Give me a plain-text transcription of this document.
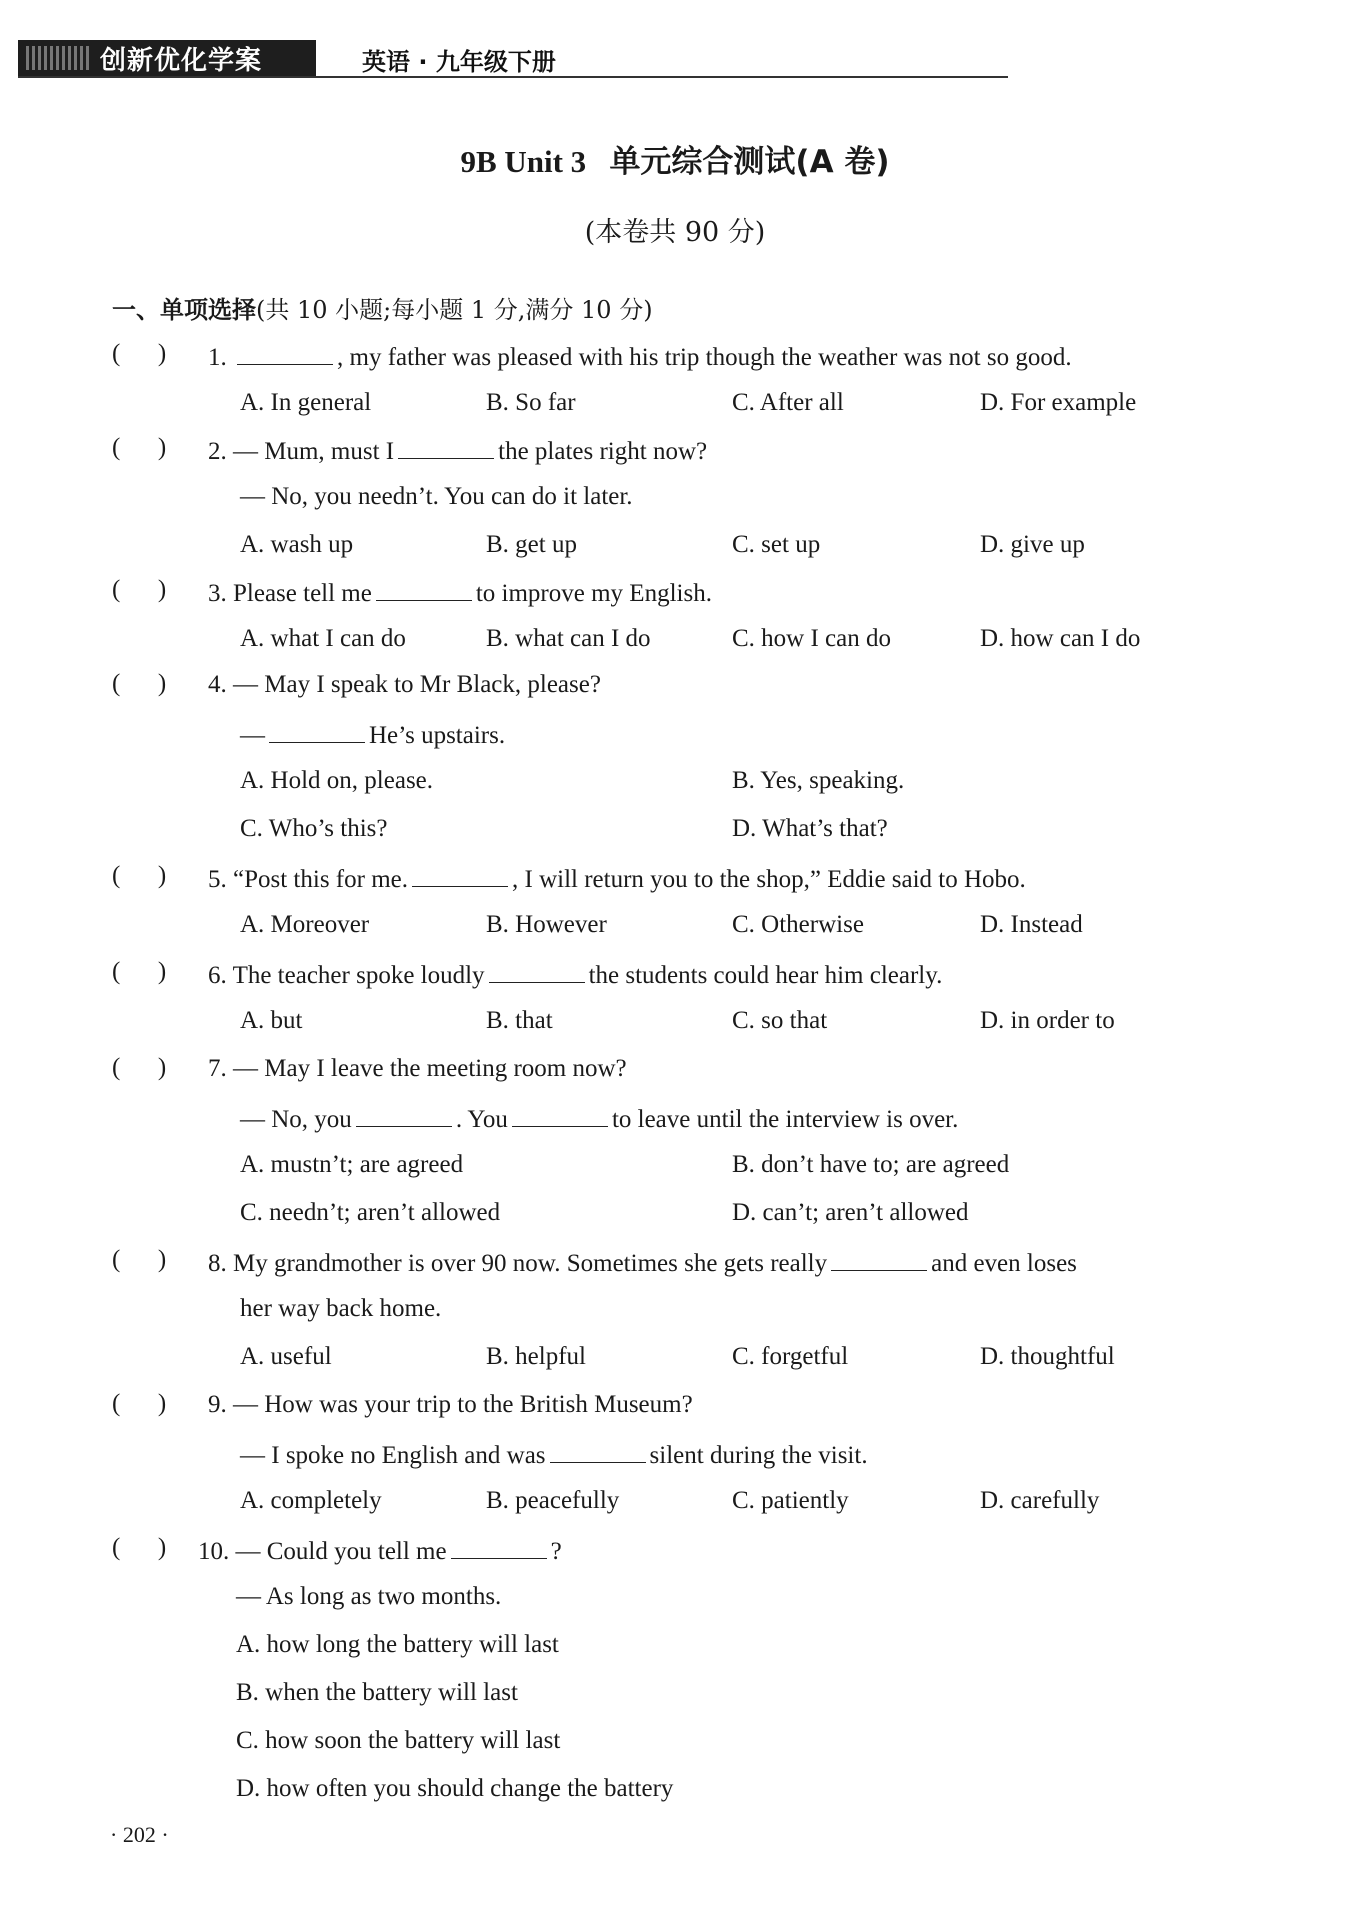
创新优化学案	英语 · 九年级下册
9B Unit 3 单元综合测试(A 卷)
(本卷共 90 分)
一、单项选择(共 10 小题;每小题 1 分,满分 10 分)
(      ) 1.	, my father was pleased with his trip though the weather was not so good.
A. In general	B. So far	C. After all	D. For example
(      ) 2. — Mum, must I	the plates right now?
— No, you needn’t. You can do it later.
A. wash up	B. get up	C. set up	D. give up
(      ) 3. Please tell me	to improve my English.
A. what I can do	B. what can I do	C. how I can do	D. how can I do
(      ) 4. — May I speak to Mr Black, please?
—	He’s upstairs.
A. Hold on, please.	B. Yes, speaking.
C. Who’s this?	D. What’s that?
(      ) 5. “Post this for me.	, I will return you to the shop,” Eddie said to Hobo.
A. Moreover	B. However	C. Otherwise	D. Instead
(      ) 6. The teacher spoke loudly	the students could hear him clearly.
A. but	B. that	C. so that	D. in order to
(      ) 7. — May I leave the meeting room now?
— No, you	. You	to leave until the interview is over.
A. mustn’t; are agreed	B. don’t have to; are agreed
C. needn’t; aren’t allowed	D. can’t; aren’t allowed
(      ) 8. My grandmother is over 90 now. Sometimes she gets really	and even loses
her way back home.
A. useful	B. helpful	C. forgetful	D. thoughtful
(      ) 9. — How was your trip to the British Museum?
— I spoke no English and was	silent during the visit.
A. completely	B. peacefully	C. patiently	D. carefully
(      ) 10. — Could you tell me	?
— As long as two months.
A. how long the battery will last
B. when the battery will last
C. how soon the battery will last
D. how often you should change the battery
· 202 ·
